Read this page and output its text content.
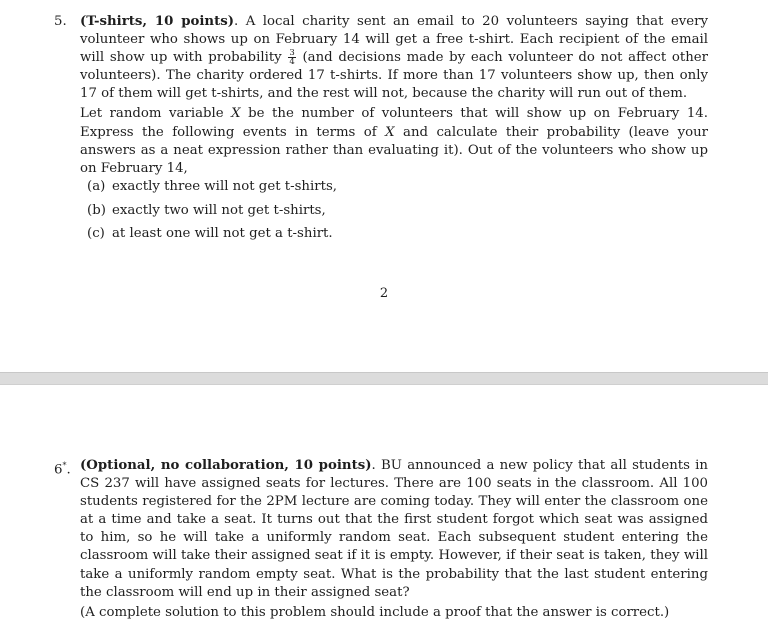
5. (T-shirts, 10 points). A local charity sent an email to 20 volunteers saying that every volunteer who shows up on February 14 will get a free t-shirt. Each recipient of the email will show up with probability $\frac{3}{4} (and$ decisions made by each volunteer do not affect other volunteers). The charity ordered 17 t-shirts. If more than 17 volunteers show up, then only 17 of them will get t-shirts, and the rest will not, because the charity will run out of them.

Let random variable X be the number of volunteers that will show up on February 14. Express the following events in terms of X and calculate their probability (leave your answers as a neat expression rather than evaluating it). Out of the volunteers who show up on February 14,

(a) exactly three will not get t-shirts,
(b) exactly two will not get t-shirts,
(c) at least one will not get a t-shirt.
2
6*. (Optional, no collaboration, 10 points). BU announced a new policy that all students in CS 237 will have assigned seats for lectures. There are 100 seats in the classroom. All 100 students registered for the 2PM lecture are coming today. They will enter the classroom one at a time and take a seat. It turns out that the first student forgot which seat was assigned to him, so he will take a uniformly random seat. Each subsequent student entering the classroom will take their assigned seat if it is empty. However, if their seat is taken, they will take a uniformly random empty seat. What is the probability that the last student entering the classroom will end up in their assigned seat?

(A complete solution to this problem should include a proof that the answer is correct.)
